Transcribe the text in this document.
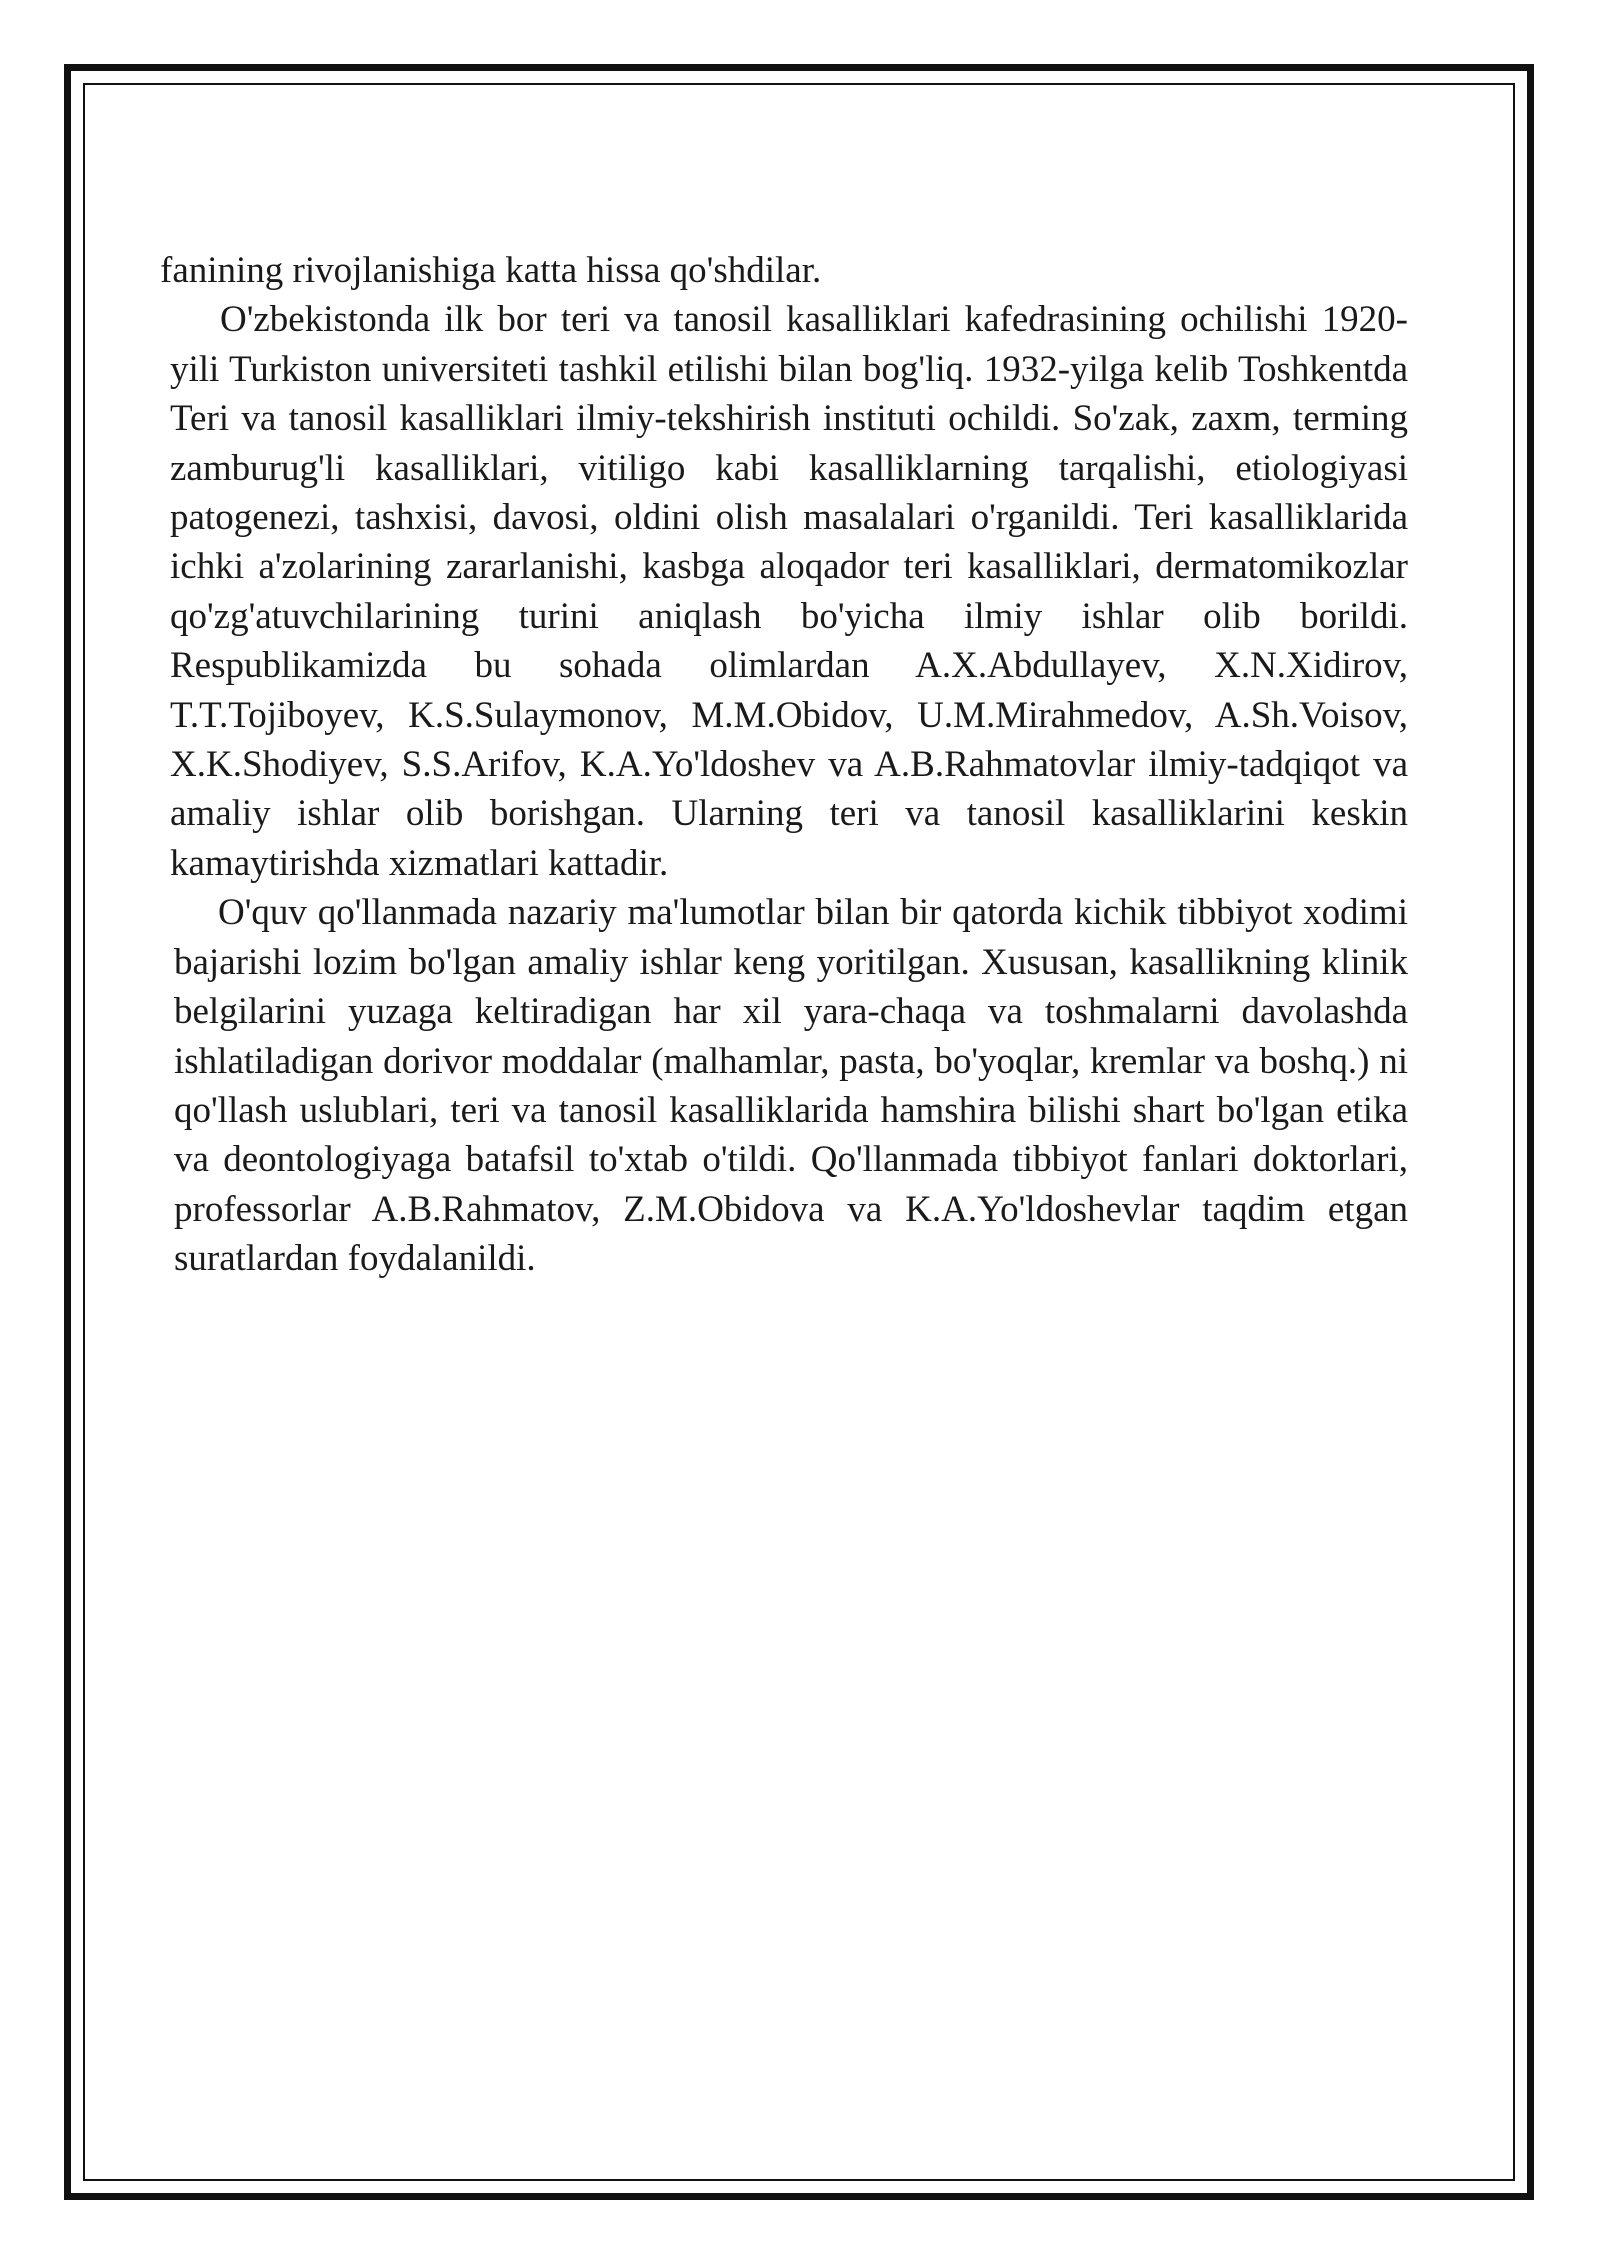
fanining rivojlanishiga katta hissa qo'shdilar.

O'zbekistonda ilk bor teri va tanosil kasalliklari kafedrasining ochilishi 1920-yili Turkiston universiteti tashkil etilishi bilan bog'liq. 1932-yilga kelib Toshkentda Teri va tanosil kasalliklari ilmiy-tekshirish instituti ochildi. So'zak, zaxm, terming zamburug'li kasalliklari, vitiligo kabi kasalliklarning tarqalishi, etiologiyasi patogenezi, tashxisi, davosi, oldini olish masalalari o'rganildi. Teri kasalliklarida ichki a'zolarining zararlanishi, kasbga aloqador teri kasalliklari, dermatomikozlar qo'zg'atuvchilarining turini aniqlash bo'yicha ilmiy ishlar olib borildi. Respublikamizda bu sohada olimlardan A.X.Abdullayev, X.N.Xidirov, T.T.Tojiboyev, K.S.Sulaymonov, M.M.Obidov, U.M.Mirahmedov, A.Sh.Voisov, X.K.Shodiyev, S.S.Arifov, K.A.Yo'ldoshev va A.B.Rahmatovlar ilmiy-tadqiqot va amaliy ishlar olib borishgan. Ularning teri va tanosil kasalliklarini keskin kamaytirishda xizmatlari kattadir.

O'quv qo'llanmada nazariy ma'lumotlar bilan bir qatorda kichik tibbiyot xodimi bajarishi lozim bo'lgan amaliy ishlar keng yoritilgan. Xususan, kasallikning klinik belgilarini yuzaga keltiradigan har xil yara-chaqa va toshmalarni davolashda ishlatiladigan dorivor moddalar (malhamlar, pasta, bo'yoqlar, kremlar va boshq.) ni qo'llash uslublari, teri va tanosil kasalliklarida hamshira bilishi shart bo'lgan etika va deontologiyaga batafsil to'xtab o'tildi. Qo'llanmada tibbiyot fanlari doktorlari, professorlar A.B.Rahmatov, Z.M.Obidova va K.A.Yo'ldoshevlar taqdim etgan suratlardan foydalanildi.
